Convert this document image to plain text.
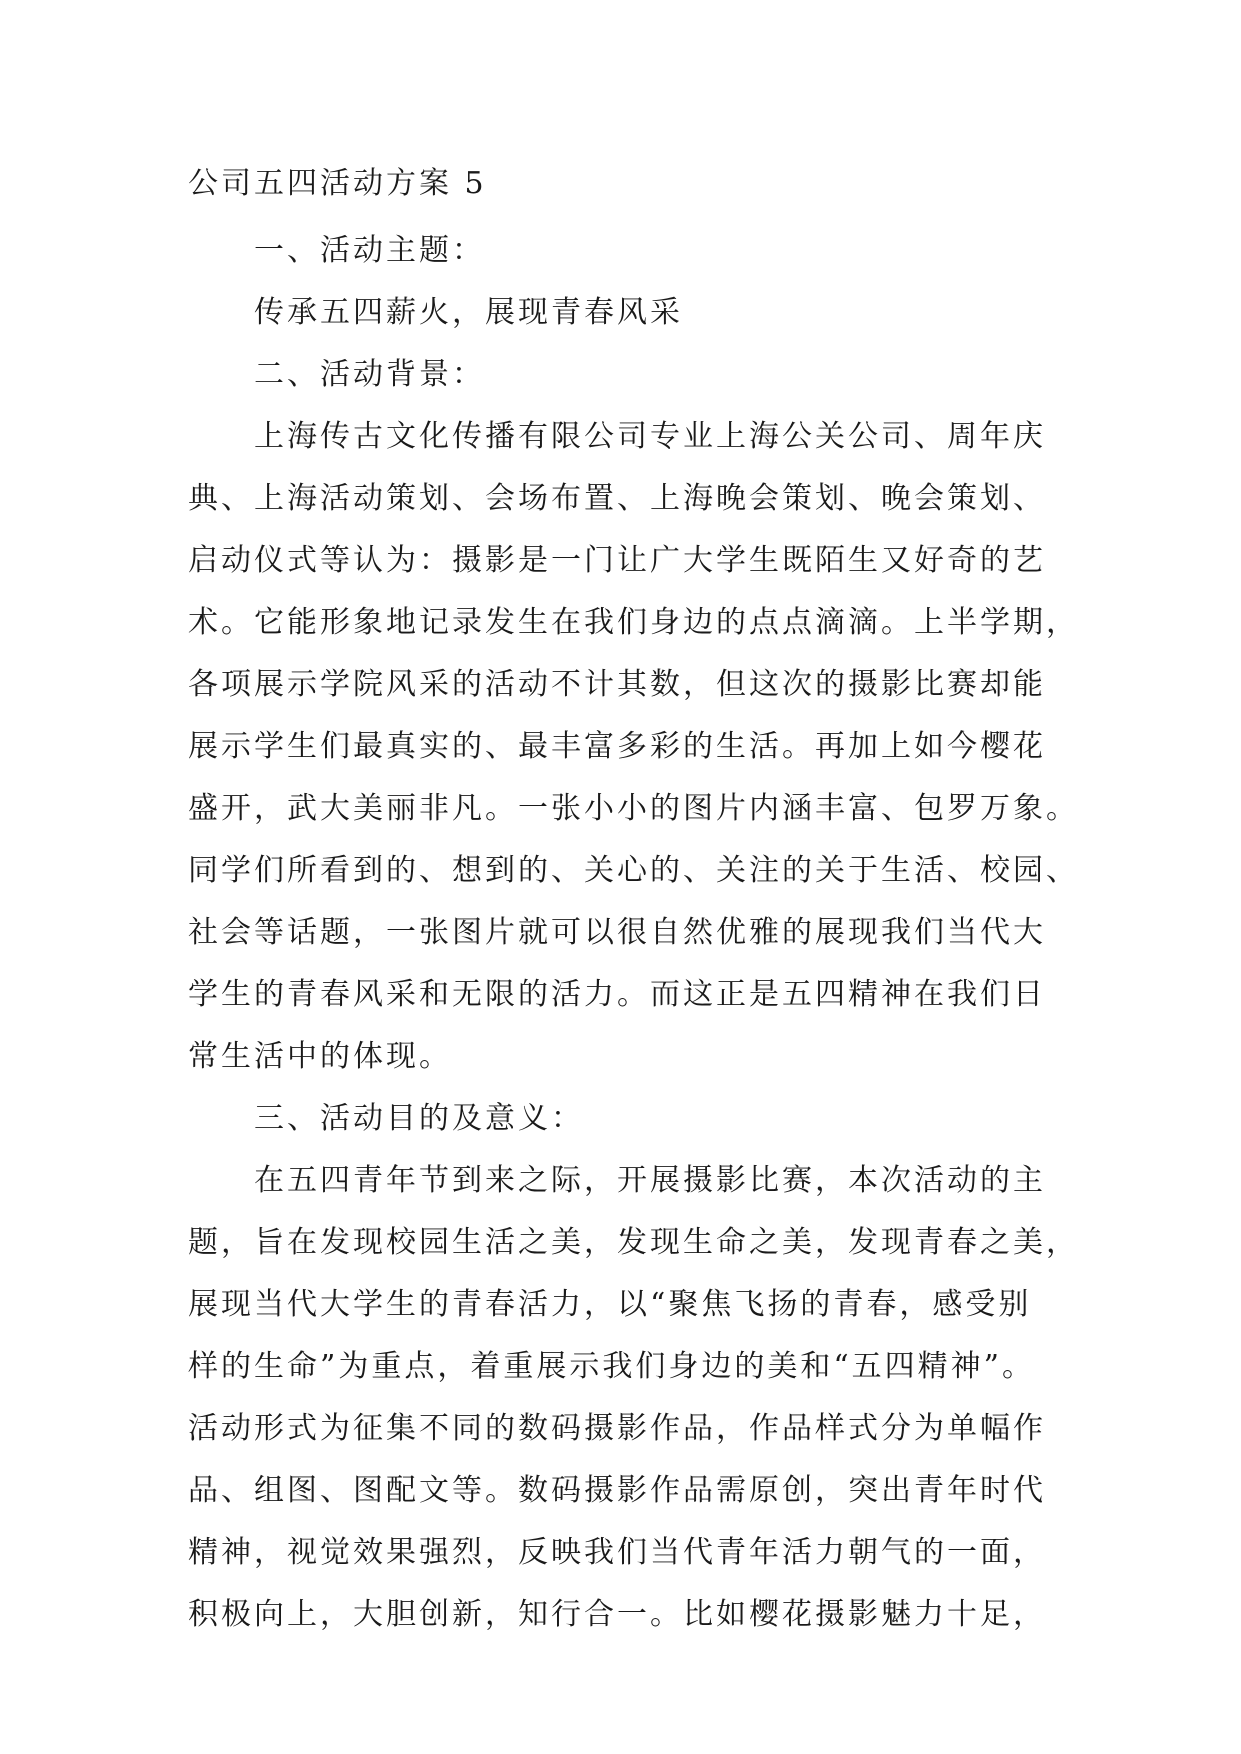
公司五四活动方案 5
一、活动主题：
传承五四薪火，展现青春风采
二、活动背景：
上海传古文化传播有限公司专业上海公关公司、周年庆
典、上海活动策划、会场布置、上海晚会策划、晚会策划、
启动仪式等认为：摄影是一门让广大学生既陌生又好奇的艺
术。它能形象地记录发生在我们身边的点点滴滴。上半学期，
各项展示学院风采的活动不计其数，但这次的摄影比赛却能
展示学生们最真实的、最丰富多彩的生活。再加上如今樱花
盛开，武大美丽非凡。一张小小的图片内涵丰富、包罗万象。
同学们所看到的、想到的、关心的、关注的关于生活、校园、
社会等话题，一张图片就可以很自然优雅的展现我们当代大
学生的青春风采和无限的活力。而这正是五四精神在我们日
常生活中的体现。
三、活动目的及意义：
在五四青年节到来之际，开展摄影比赛，本次活动的主
题，旨在发现校园生活之美，发现生命之美，发现青春之美，
展现当代大学生的青春活力，以“聚焦飞扬的青春，感受别
样的生命”为重点，着重展示我们身边的美和“五四精神”。
活动形式为征集不同的数码摄影作品，作品样式分为单幅作
品、组图、图配文等。数码摄影作品需原创，突出青年时代
精神，视觉效果强烈，反映我们当代青年活力朝气的一面，
积极向上，大胆创新，知行合一。比如樱花摄影魅力十足，
